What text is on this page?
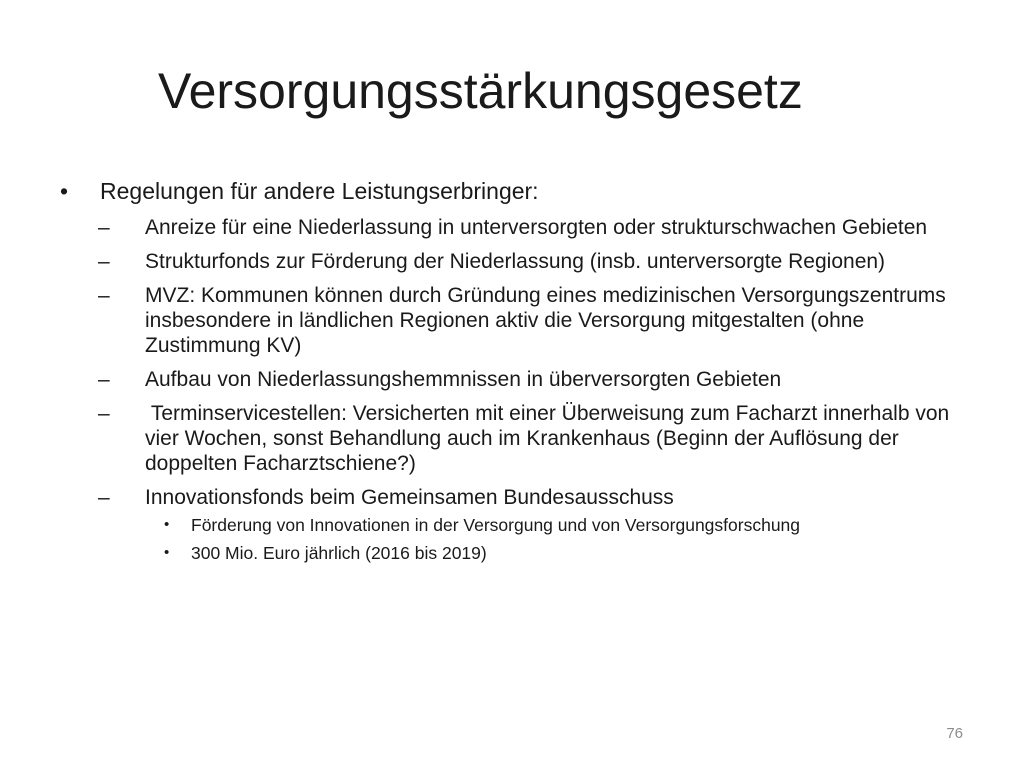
Versorgungsstärkungsgesetz
• Regelungen für andere Leistungserbringer:
– Anreize für eine Niederlassung in unterversorgten oder strukturschwachen Gebieten
– Strukturfonds zur Förderung der Niederlassung (insb. unterversorgte Regionen)
– MVZ: Kommunen können durch Gründung eines medizinischen Versorgungszentrums insbesondere in ländlichen Regionen aktiv die Versorgung mitgestalten (ohne Zustimmung KV)
– Aufbau von Niederlassungshemmnissen in überversorgten Gebieten
– Terminservicestellen: Versicherten mit einer Überweisung zum Facharzt innerhalb von vier Wochen, sonst Behandlung auch im Krankenhaus (Beginn der Auflösung der doppelten Facharztschiene?)
– Innovationsfonds beim Gemeinsamen Bundesausschuss
• Förderung von Innovationen in der Versorgung und von Versorgungsforschung
• 300 Mio. Euro jährlich (2016 bis 2019)
76
